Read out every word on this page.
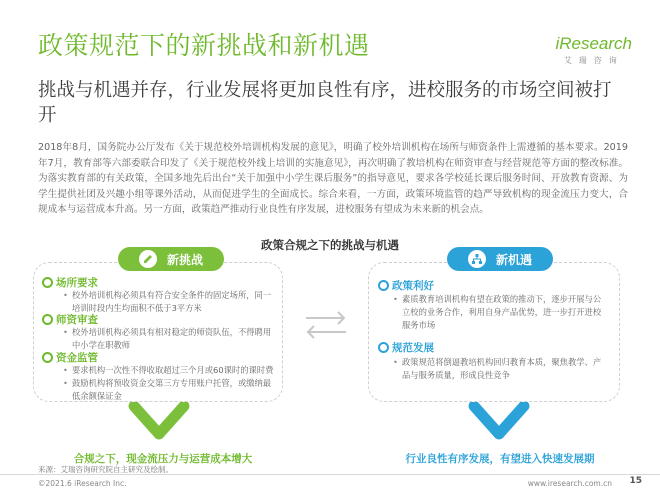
政策规范下的新挑战和新机遇	iResearch
艾瑞咨询
挑战与机遇并存，行业发展将更加良性有序，进校服务的市场空间被打开
2018年8月，国务院办公厅发布《关于规范校外培训机构发展的意见》，明确了校外培训机构在场所与师资条件上需遵循的基本要求。2019年7月，教育部等六部委联合印发了《关于规范校外线上培训的实施意见》，再次明确了教培机构在师资审查与经营规范等方面的整改标准。为落实教育部的有关政策，全国多地先后出台“关于加强中小学生课后服务”的指导意见，要求各学校延长课后服务时间、开放教育资源、为学生提供社团及兴趣小组等课外活动，从而促进学生的全面成长。综合来看，一方面，政策环境监管的趋严导致机构的现金流压力变大，合规成本与运营成本升高。另一方面，政策趋严推动行业良性有序发展，进校服务有望成为未来新的机会点。
政策合规之下的挑战与机遇
新挑战
场所要求
• 校外培训机构必须具有符合安全条件的固定场所，同一培训时段内生均面积不低于3平方米
师资审查
• 校外培训机构必须具有相对稳定的师资队伍，不得聘用中小学在职教师
资金监管
• 要求机构一次性不得收取超过三个月或60课时的课时费
• 鼓励机构将预收资金交第三方专用账户托管，或缴纳最低余额保证金
新机遇
政策利好
• 素质教育培训机构有望在政策的推动下，逐步开展与公立校的业务合作，利用自身产品优势，进一步打开进校服务市场
规范发展
• 政策规范将倒逼教培机构回归教育本质，聚焦教学、产品与服务质量，形成良性竞争
合规之下，现金流压力与运营成本增大	行业良性有序发展，有望进入快速发展期
来源：艾瑞咨询研究院自主研究及绘制。
©2021.6 iResearch Inc.	www.iresearch.com.cn 15
